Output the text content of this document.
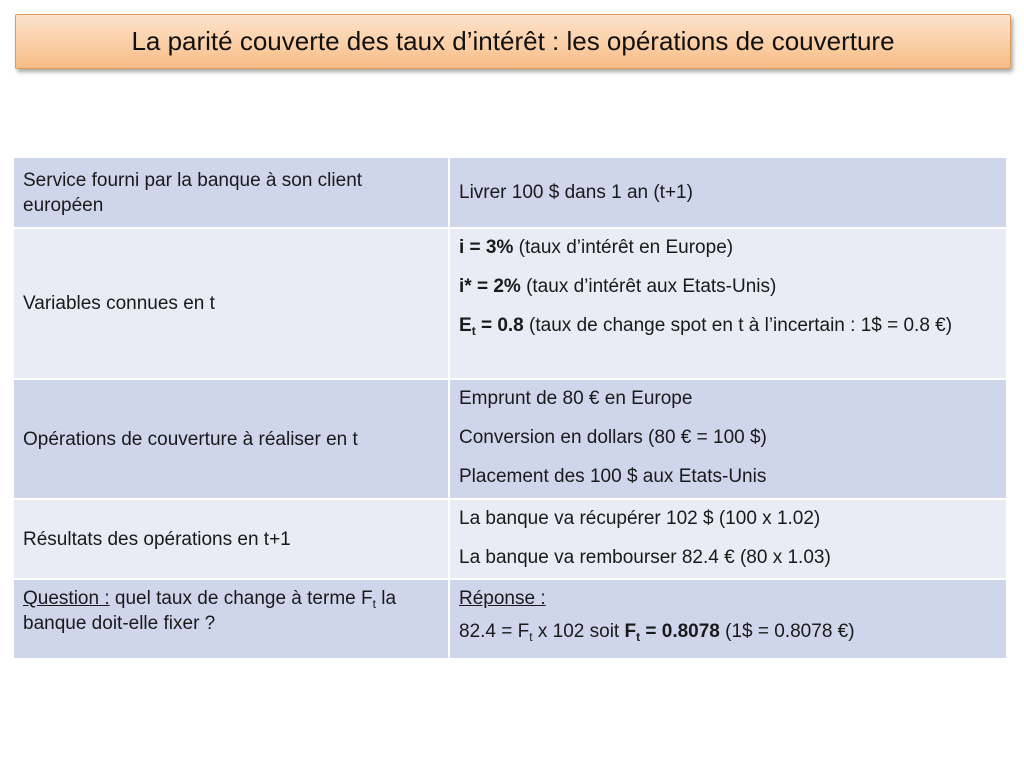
La parité couverte des taux d’intérêt : les opérations de couverture
Service fourni par la banque à son client européen	Livrer 100 $ dans 1 an (t+1)
Variables connues en t	i = 3% (taux d’intérêt en Europe)
i* = 2% (taux d’intérêt aux Etats-Unis)
$E_t = 0.8$ (taux de change spot en t à l’incertain : 1$ = 0.8 €)

Opérations de couverture à réaliser en t	Emprunt de 80 € en Europe
Conversion en dollars (80 € = 100 $)
Placement des 100 $ aux Etats-Unis

Résultats des opérations en t+1	La banque va récupérer 102 $ (100 x 1.02)
La banque va rembourser 82.4 € (80 x 1.03)

Question : quel taux de change à terme $F_t$ la banque doit-elle fixer ?	Réponse :
$82.4 = F_t$ x 102 soit $F_t = 0.8078$ (1$ = 0.8078 €)
